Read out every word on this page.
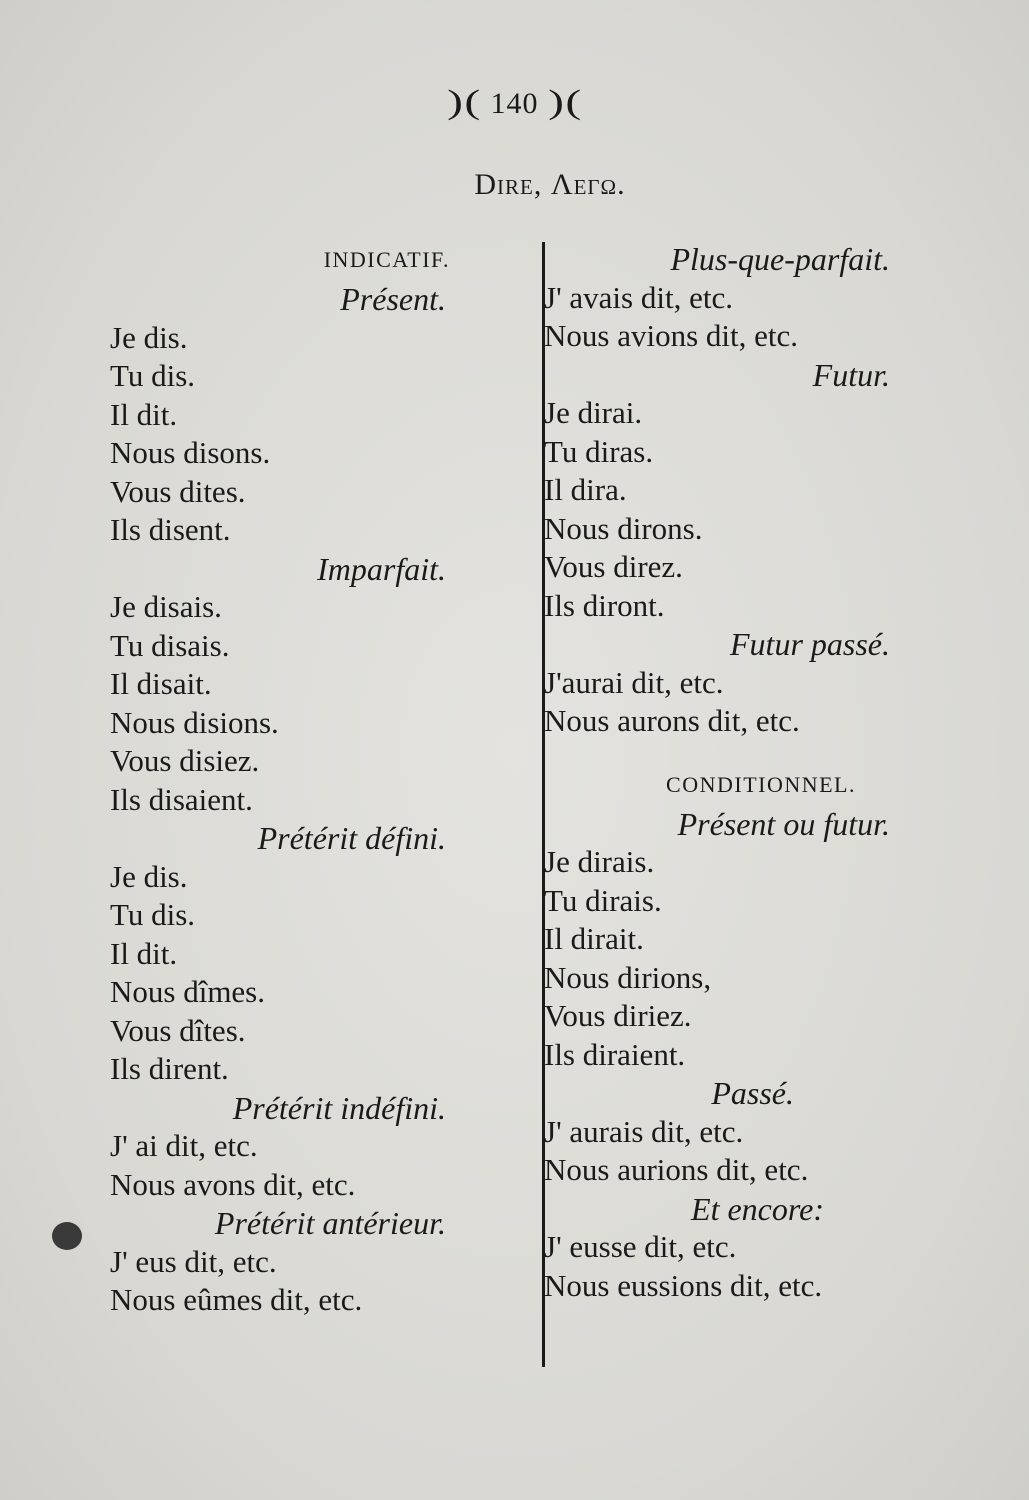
)( 140 )(
Dire, Λεγω.
INDICATIF.
Présent.
Je dis.
Tu dis.
Il dit.
Nous disons.
Vous dites.
Ils disent.
Imparfait.
Je disais.
Tu disais.
Il disait.
Nous disions.
Vous disiez.
Ils disaient.
Prétérit défini.
Je dis.
Tu dis.
Il dit.
Nous dîmes.
Vous dîtes.
Ils dirent.
Prétérit indéfini.
J' ai dit, etc.
Nous avons dit, etc.
Prétérit antérieur.
J' eus dit, etc.
Nous eûmes dit, etc.
Plus-que-parfait.
J' avais dit, etc.
Nous avions dit, etc.
Futur.
Je dirai.
Tu diras.
Il dira.
Nous dirons.
Vous direz.
Ils diront.
Futur passé.
J'aurai dit, etc.
Nous aurons dit, etc.
CONDITIONNEL.
Présent ou futur.
Je dirais.
Tu dirais.
Il dirait.
Nous dirions,
Vous diriez.
Ils diraient.
Passé.
J' aurais dit, etc.
Nous aurions dit, etc.
Et encore:
J' eusse dit, etc.
Nous eussions dit, etc.
